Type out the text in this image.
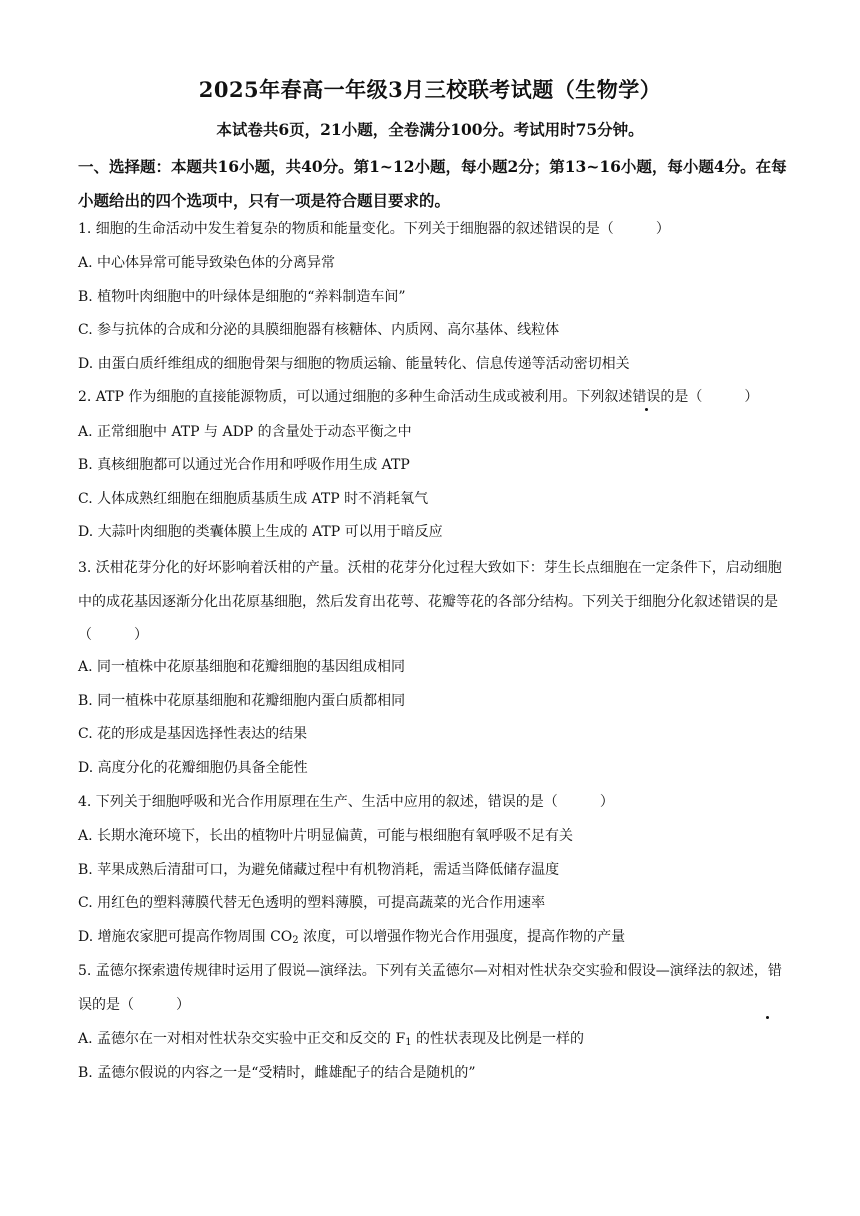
2025年春高一年级3月三校联考试题（生物学）
本试卷共6页，21小题，全卷满分100分。考试用时75分钟。
一、选择题：本题共16小题，共40分。第1~12小题，每小题2分；第13~16小题，每小题4分。在每小题给出的四个选项中，只有一项是符合题目要求的。
1. 细胞的生命活动中发生着复杂的物质和能量变化。下列关于细胞器的叙述错误的是（	）
A. 中心体异常可能导致染色体的分离异常
B. 植物叶肉细胞中的叶绿体是细胞的“养料制造车间”
C. 参与抗体的合成和分泌的具膜细胞器有核糖体、内质网、高尔基体、线粒体
D. 由蛋白质纤维组成的细胞骨架与细胞的物质运输、能量转化、信息传递等活动密切相关
2. ATP 作为细胞的直接能源物质，可以通过细胞的多种生命活动生成或被利用。下列叙述错误的是（	）
A. 正常细胞中 ATP 与 ADP 的含量处于动态平衡之中
B. 真核细胞都可以通过光合作用和呼吸作用生成 ATP
C. 人体成熟红细胞在细胞质基质生成 ATP 时不消耗氧气
D. 大蒜叶肉细胞的类囊体膜上生成的 ATP 可以用于暗反应
3. 沃柑花芽分化的好坏影响着沃柑的产量。沃柑的花芽分化过程大致如下：芽生长点细胞在一定条件下，启动细胞中的成花基因逐渐分化出花原基细胞，然后发育出花萼、花瓣等花的各部分结构。下列关于细胞分化叙述错误的是（	）
A. 同一植株中花原基细胞和花瓣细胞的基因组成相同
B. 同一植株中花原基细胞和花瓣细胞内蛋白质都相同
C. 花的形成是基因选择性表达的结果
D. 高度分化的花瓣细胞仍具备全能性
4. 下列关于细胞呼吸和光合作用原理在生产、生活中应用的叙述，错误的是（	）
A. 长期水淹环境下，长出的植物叶片明显偏黄，可能与根细胞有氧呼吸不足有关
B. 苹果成熟后清甜可口，为避免储藏过程中有机物消耗，需适当降低储存温度
C. 用红色的塑料薄膜代替无色透明的塑料薄膜，可提高蔬菜的光合作用速率
D. 增施农家肥可提高作物周围 $CO_2$ 浓度，可以增强作物光合作用强度，提高作物的产量
5. 孟德尔探索遗传规律时运用了假说—演绎法。下列有关孟德尔—对相对性状杂交实验和假设—演绎法的叙述，错误的是（	）
A. 孟德尔在一对相对性状杂交实验中正交和反交的 $F_1$ 的性状表现及比例是一样的
B. 孟德尔假说的内容之一是“受精时，雌雄配子的结合是随机的”
